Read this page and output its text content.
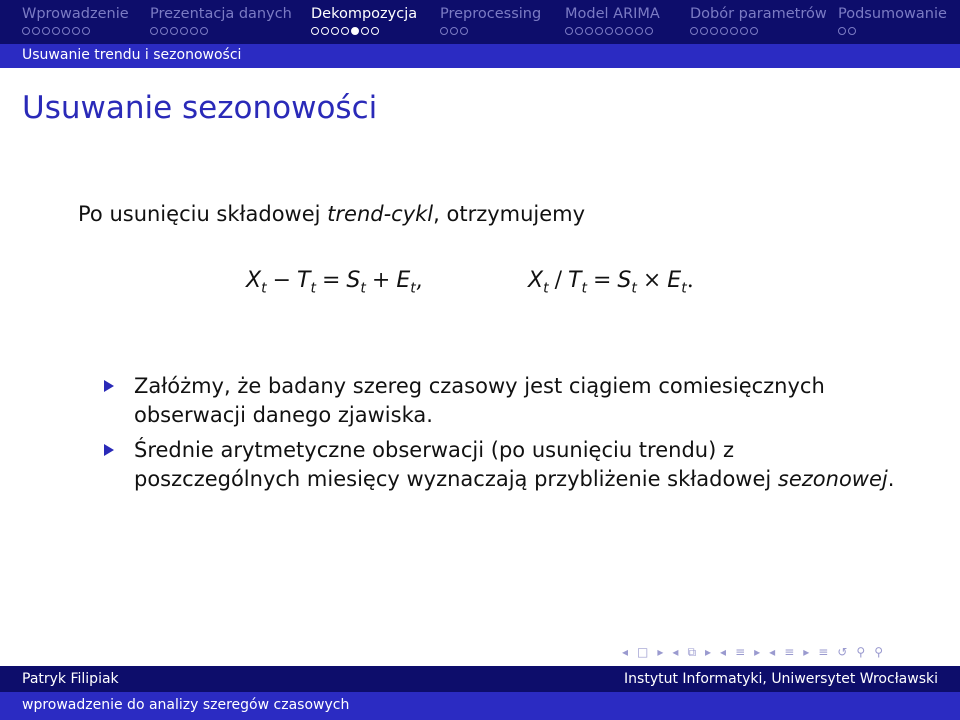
Wprowadzenie Prezentacja danych Dekompozycja Preprocessing Model ARIMA Dobór parametrów Podsumowanie
Usuwanie trendu i sezonowości
Usuwanie sezonowości
Po usunięciu składowej trend-cykl, otrzymujemy
$X_t - T_t = S_t + E_t$,	$X_t / T_t = S_t \times E_t$.
Załóżmy, że badany szereg czasowy jest ciągiem comiesięcznych obserwacji danego zjawiska.
Średnie arytmetyczne obserwacji (po usunięciu trendu) z poszczególnych miesięcy wyznaczają przybliżenie składowej sezonowej.
◂ □ ▸ ◂ ⧉ ▸ ◂ ≡ ▸ ◂ ≡ ▸ ≡ ↺ ⚲ ⚲
Patryk Filipiak	Instytut Informatyki, Uniwersytet Wrocławski
wprowadzenie do analizy szeregów czasowych
